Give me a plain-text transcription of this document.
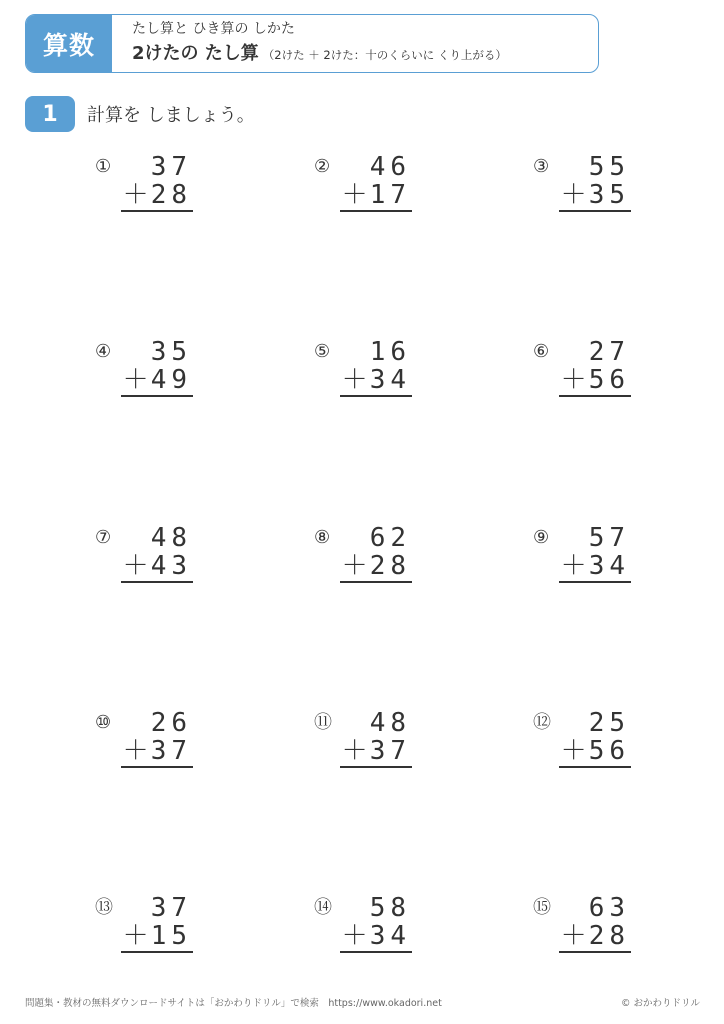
算数
たし算と ひき算の しかた
2けたの たし算 （2けた ＋ 2けた：十のくらいに くり上がる）
1	計算を しましょう。
① 37
＋28
② 46
＋17
③ 55
＋35
④ 35
＋49
⑤ 16
＋34
⑥ 27
＋56
⑦ 48
＋43
⑧ 62
＋28
⑨ 57
＋34
⑩ 26
＋37
⑪ 48
＋37
⑫ 25
＋56
⑬ 37
＋15
⑭ 58
＋34
⑮ 63
＋28
問題集・教材の無料ダウンロードサイトは「おかわりドリル」で検索　https://www.okadori.net	© おかわりドリル
